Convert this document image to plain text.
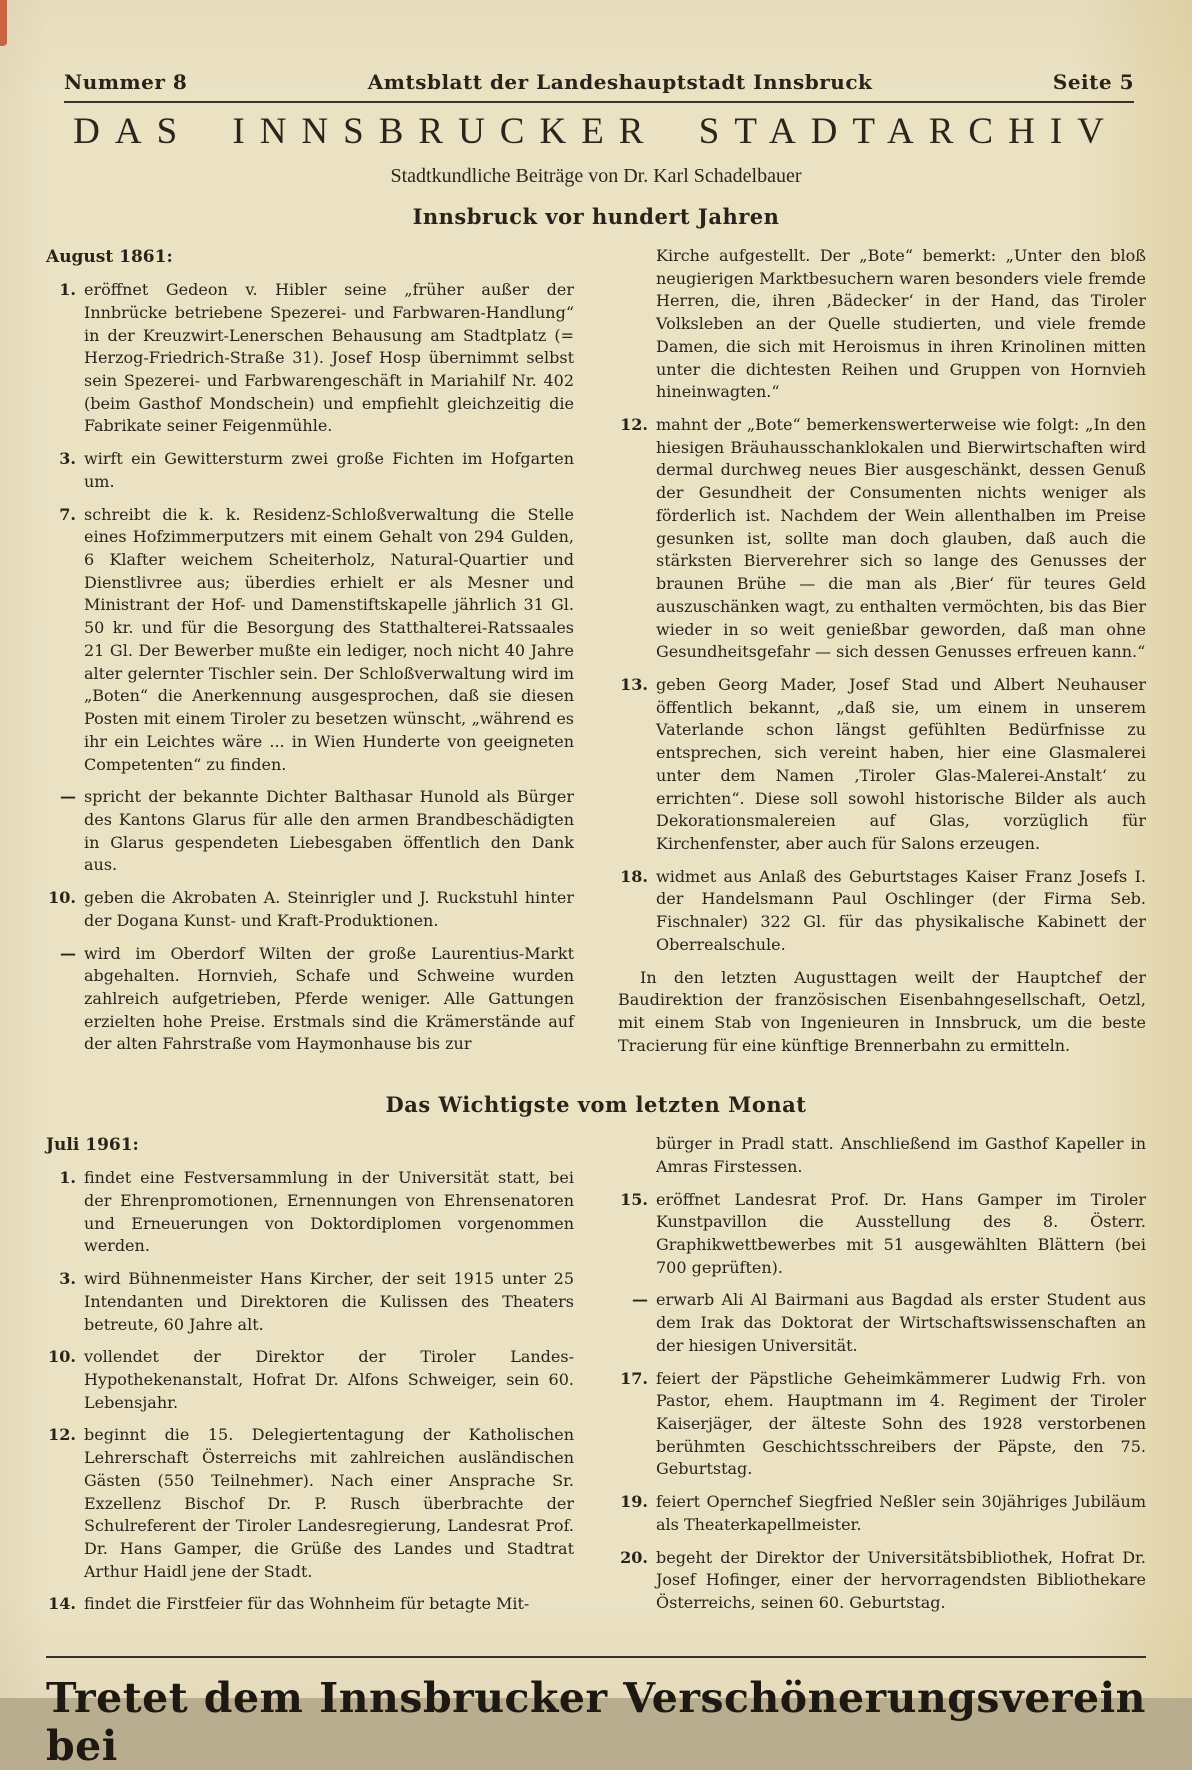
Nummer 8	Amtsblatt der Landeshauptstadt Innsbruck	Seite 5
DAS INNSBRUCKER STADTARCHIV
Stadtkundliche Beiträge von Dr. Karl Schadelbauer
Innsbruck vor hundert Jahren
August 1861:
1. eröffnet Gedeon v. Hibler seine „früher außer der Innbrücke betriebene Spezerei- und Farbwaren-Handlung“ in der Kreuzwirt-Lenerschen Behausung am Stadtplatz (= Herzog-Friedrich-Straße 31). Josef Hosp übernimmt selbst sein Spezerei- und Farbwarengeschäft in Mariahilf Nr. 402 (beim Gasthof Mondschein) und empfiehlt gleichzeitig die Fabrikate seiner Feigenmühle.
3. wirft ein Gewittersturm zwei große Fichten im Hofgarten um.
7. schreibt die k. k. Residenz-Schloßverwaltung die Stelle eines Hofzimmerputzers mit einem Gehalt von 294 Gulden, 6 Klafter weichem Scheiterholz, Natural-Quartier und Dienstlivree aus; überdies erhielt er als Mesner und Ministrant der Hof- und Damenstiftskapelle jährlich 31 Gl. 50 kr. und für die Besorgung des Statthalterei-Ratssaales 21 Gl. Der Bewerber mußte ein lediger, noch nicht 40 Jahre alter gelernter Tischler sein. Der Schloßverwaltung wird im „Boten“ die Anerkennung ausgesprochen, daß sie diesen Posten mit einem Tiroler zu besetzen wünscht, „während es ihr ein Leichtes wäre ... in Wien Hunderte von geeigneten Competenten“ zu finden.
— spricht der bekannte Dichter Balthasar Hunold als Bürger des Kantons Glarus für alle den armen Brandbeschädigten in Glarus gespendeten Liebesgaben öffentlich den Dank aus.
10. geben die Akrobaten A. Steinrigler und J. Ruckstuhl hinter der Dogana Kunst- und Kraft-Produktionen.
— wird im Oberdorf Wilten der große Laurentius-Markt abgehalten. Hornvieh, Schafe und Schweine wurden zahlreich aufgetrieben, Pferde weniger. Alle Gattungen erzielten hohe Preise. Erstmals sind die Krämerstände auf der alten Fahrstraße vom Haymonhause bis zur

Kirche aufgestellt. Der „Bote“ bemerkt: „Unter den bloß neugierigen Marktbesuchern waren besonders viele fremde Herren, die, ihren ‚Bädecker‘ in der Hand, das Tiroler Volksleben an der Quelle studierten, und viele fremde Damen, die sich mit Heroismus in ihren Krinolinen mitten unter die dichtesten Reihen und Gruppen von Hornvieh hineinwagten.“

12. mahnt der „Bote“ bemerkenswerterweise wie folgt: „In den hiesigen Bräuhausschanklokalen und Bierwirtschaften wird dermal durchweg neues Bier ausgeschänkt, dessen Genuß der Gesundheit der Consumenten nichts weniger als förderlich ist. Nachdem der Wein allenthalben im Preise gesunken ist, sollte man doch glauben, daß auch die stärksten Bierverehrer sich so lange des Genusses der braunen Brühe — die man als ‚Bier‘ für teures Geld auszuschänken wagt, zu enthalten vermöchten, bis das Bier wieder in so weit genießbar geworden, daß man ohne Gesundheitsgefahr — sich dessen Genusses erfreuen kann.“
13. geben Georg Mader, Josef Stad und Albert Neuhauser öffentlich bekannt, „daß sie, um einem in unserem Vaterlande schon längst gefühlten Bedürfnisse zu entsprechen, sich vereint haben, hier eine Glasmalerei unter dem Namen ‚Tiroler Glas-Malerei-Anstalt‘ zu errichten“. Diese soll sowohl historische Bilder als auch Dekorationsmalereien auf Glas, vorzüglich für Kirchenfenster, aber auch für Salons erzeugen.
18. widmet aus Anlaß des Geburtstages Kaiser Franz Josefs I. der Handelsmann Paul Oschlinger (der Firma Seb. Fischnaler) 322 Gl. für das physikalische Kabinett der Oberrealschule.

In den letzten Augusttagen weilt der Hauptchef der Baudirektion der französischen Eisenbahngesellschaft, Oetzl, mit einem Stab von Ingenieuren in Innsbruck, um die beste Tracierung für eine künftige Brennerbahn zu ermitteln.

Das Wichtigste vom letzten Monat
Juli 1961:
1. findet eine Festversammlung in der Universität statt, bei der Ehrenpromotionen, Ernennungen von Ehrensenatoren und Erneuerungen von Doktordiplomen vorgenommen werden.
3. wird Bühnenmeister Hans Kircher, der seit 1915 unter 25 Intendanten und Direktoren die Kulissen des Theaters betreute, 60 Jahre alt.
10. vollendet der Direktor der Tiroler Landes-Hypothekenanstalt, Hofrat Dr. Alfons Schweiger, sein 60. Lebensjahr.
12. beginnt die 15. Delegiertentagung der Katholischen Lehrerschaft Österreichs mit zahlreichen ausländischen Gästen (550 Teilnehmer). Nach einer Ansprache Sr. Exzellenz Bischof Dr. P. Rusch überbrachte der Schulreferent der Tiroler Landesregierung, Landesrat Prof. Dr. Hans Gamper, die Grüße des Landes und Stadtrat Arthur Haidl jene der Stadt.
14. findet die Firstfeier für das Wohnheim für betagte Mit-

bürger in Pradl statt. Anschließend im Gasthof Kapeller in Amras Firstessen.

15. eröffnet Landesrat Prof. Dr. Hans Gamper im Tiroler Kunstpavillon die Ausstellung des 8. Österr. Graphikwettbewerbes mit 51 ausgewählten Blättern (bei 700 geprüften).
— erwarb Ali Al Bairmani aus Bagdad als erster Student aus dem Irak das Doktorat der Wirtschaftswissenschaften an der hiesigen Universität.
17. feiert der Päpstliche Geheimkämmerer Ludwig Frh. von Pastor, ehem. Hauptmann im 4. Regiment der Tiroler Kaiserjäger, der älteste Sohn des 1928 verstorbenen berühmten Geschichtsschreibers der Päpste, den 75. Geburtstag.
19. feiert Opernchef Siegfried Neßler sein 30jähriges Jubiläum als Theaterkapellmeister.
20. begeht der Direktor der Universitätsbibliothek, Hofrat Dr. Josef Hofinger, einer der hervorragendsten Bibliothekare Österreichs, seinen 60. Geburtstag.
Tretet dem Innsbrucker Verschönerungsverein bei
